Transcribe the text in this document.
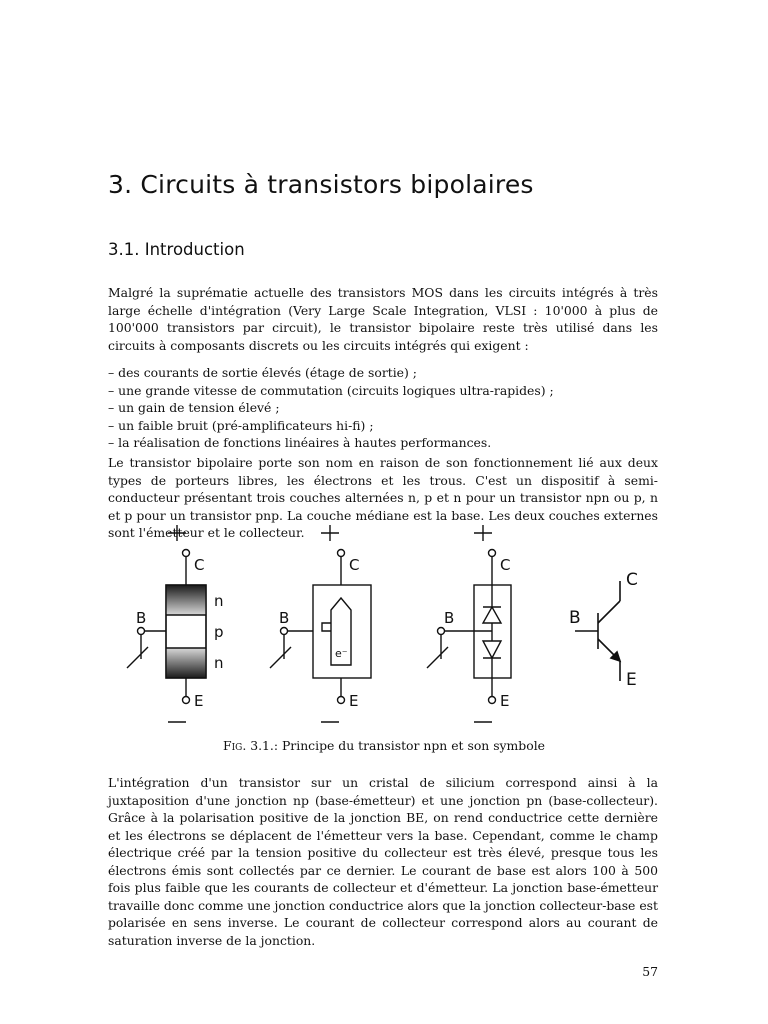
3. Circuits à transistors bipolaires
3.1. Introduction

Malgré la suprématie actuelle des transistors MOS dans les circuits intégrés à très large échelle d'intégration (Very Large Scale Integration, VLSI : 10'000 à plus de 100'000 transistors par circuit), le transistor bipolaire reste très utilisé dans les circuits à composants discrets ou les circuits intégrés qui exigent :

– des courants de sortie élevés (étage de sortie) ;
– une grande vitesse de commutation (circuits logiques ultra-rapides) ;
– un gain de tension élevé ;
– un faible bruit (pré-amplificateurs hi-fi) ;
– la réalisation de fonctions linéaires à hautes performances.

Le transistor bipolaire porte son nom en raison de son fonctionnement lié aux deux types de porteurs libres, les électrons et les trous. C'est un dispositif à semi-conducteur présentant trois couches alternées n, p et n pour un transistor npn ou p, n et p pour un transistor pnp. La couche médiane est la base. Les deux couches externes sont l'émetteur et le collecteur.

C
E
B
n
p
n
C
E
B
e⁻
C
E
B
C
E
B
Fig. 3.1.: Principe du transistor npn et son symbole

L'intégration d'un transistor sur un cristal de silicium correspond ainsi à la juxtaposition d'une jonction np (base-émetteur) et une jonction pn (base-collecteur). Grâce à la polarisation positive de la jonction BE, on rend conductrice cette dernière et les électrons se déplacent de l'émetteur vers la base. Cependant, comme le champ électrique créé par la tension positive du collecteur est très élevé, presque tous les électrons émis sont collectés par ce dernier. Le courant de base est alors 100 à 500 fois plus faible que les courants de collecteur et d'émetteur. La jonction base-émetteur travaille donc comme une jonction conductrice alors que la jonction collecteur-base est polarisée en sens inverse. Le courant de collecteur correspond alors au courant de saturation inverse de la jonction.

57
